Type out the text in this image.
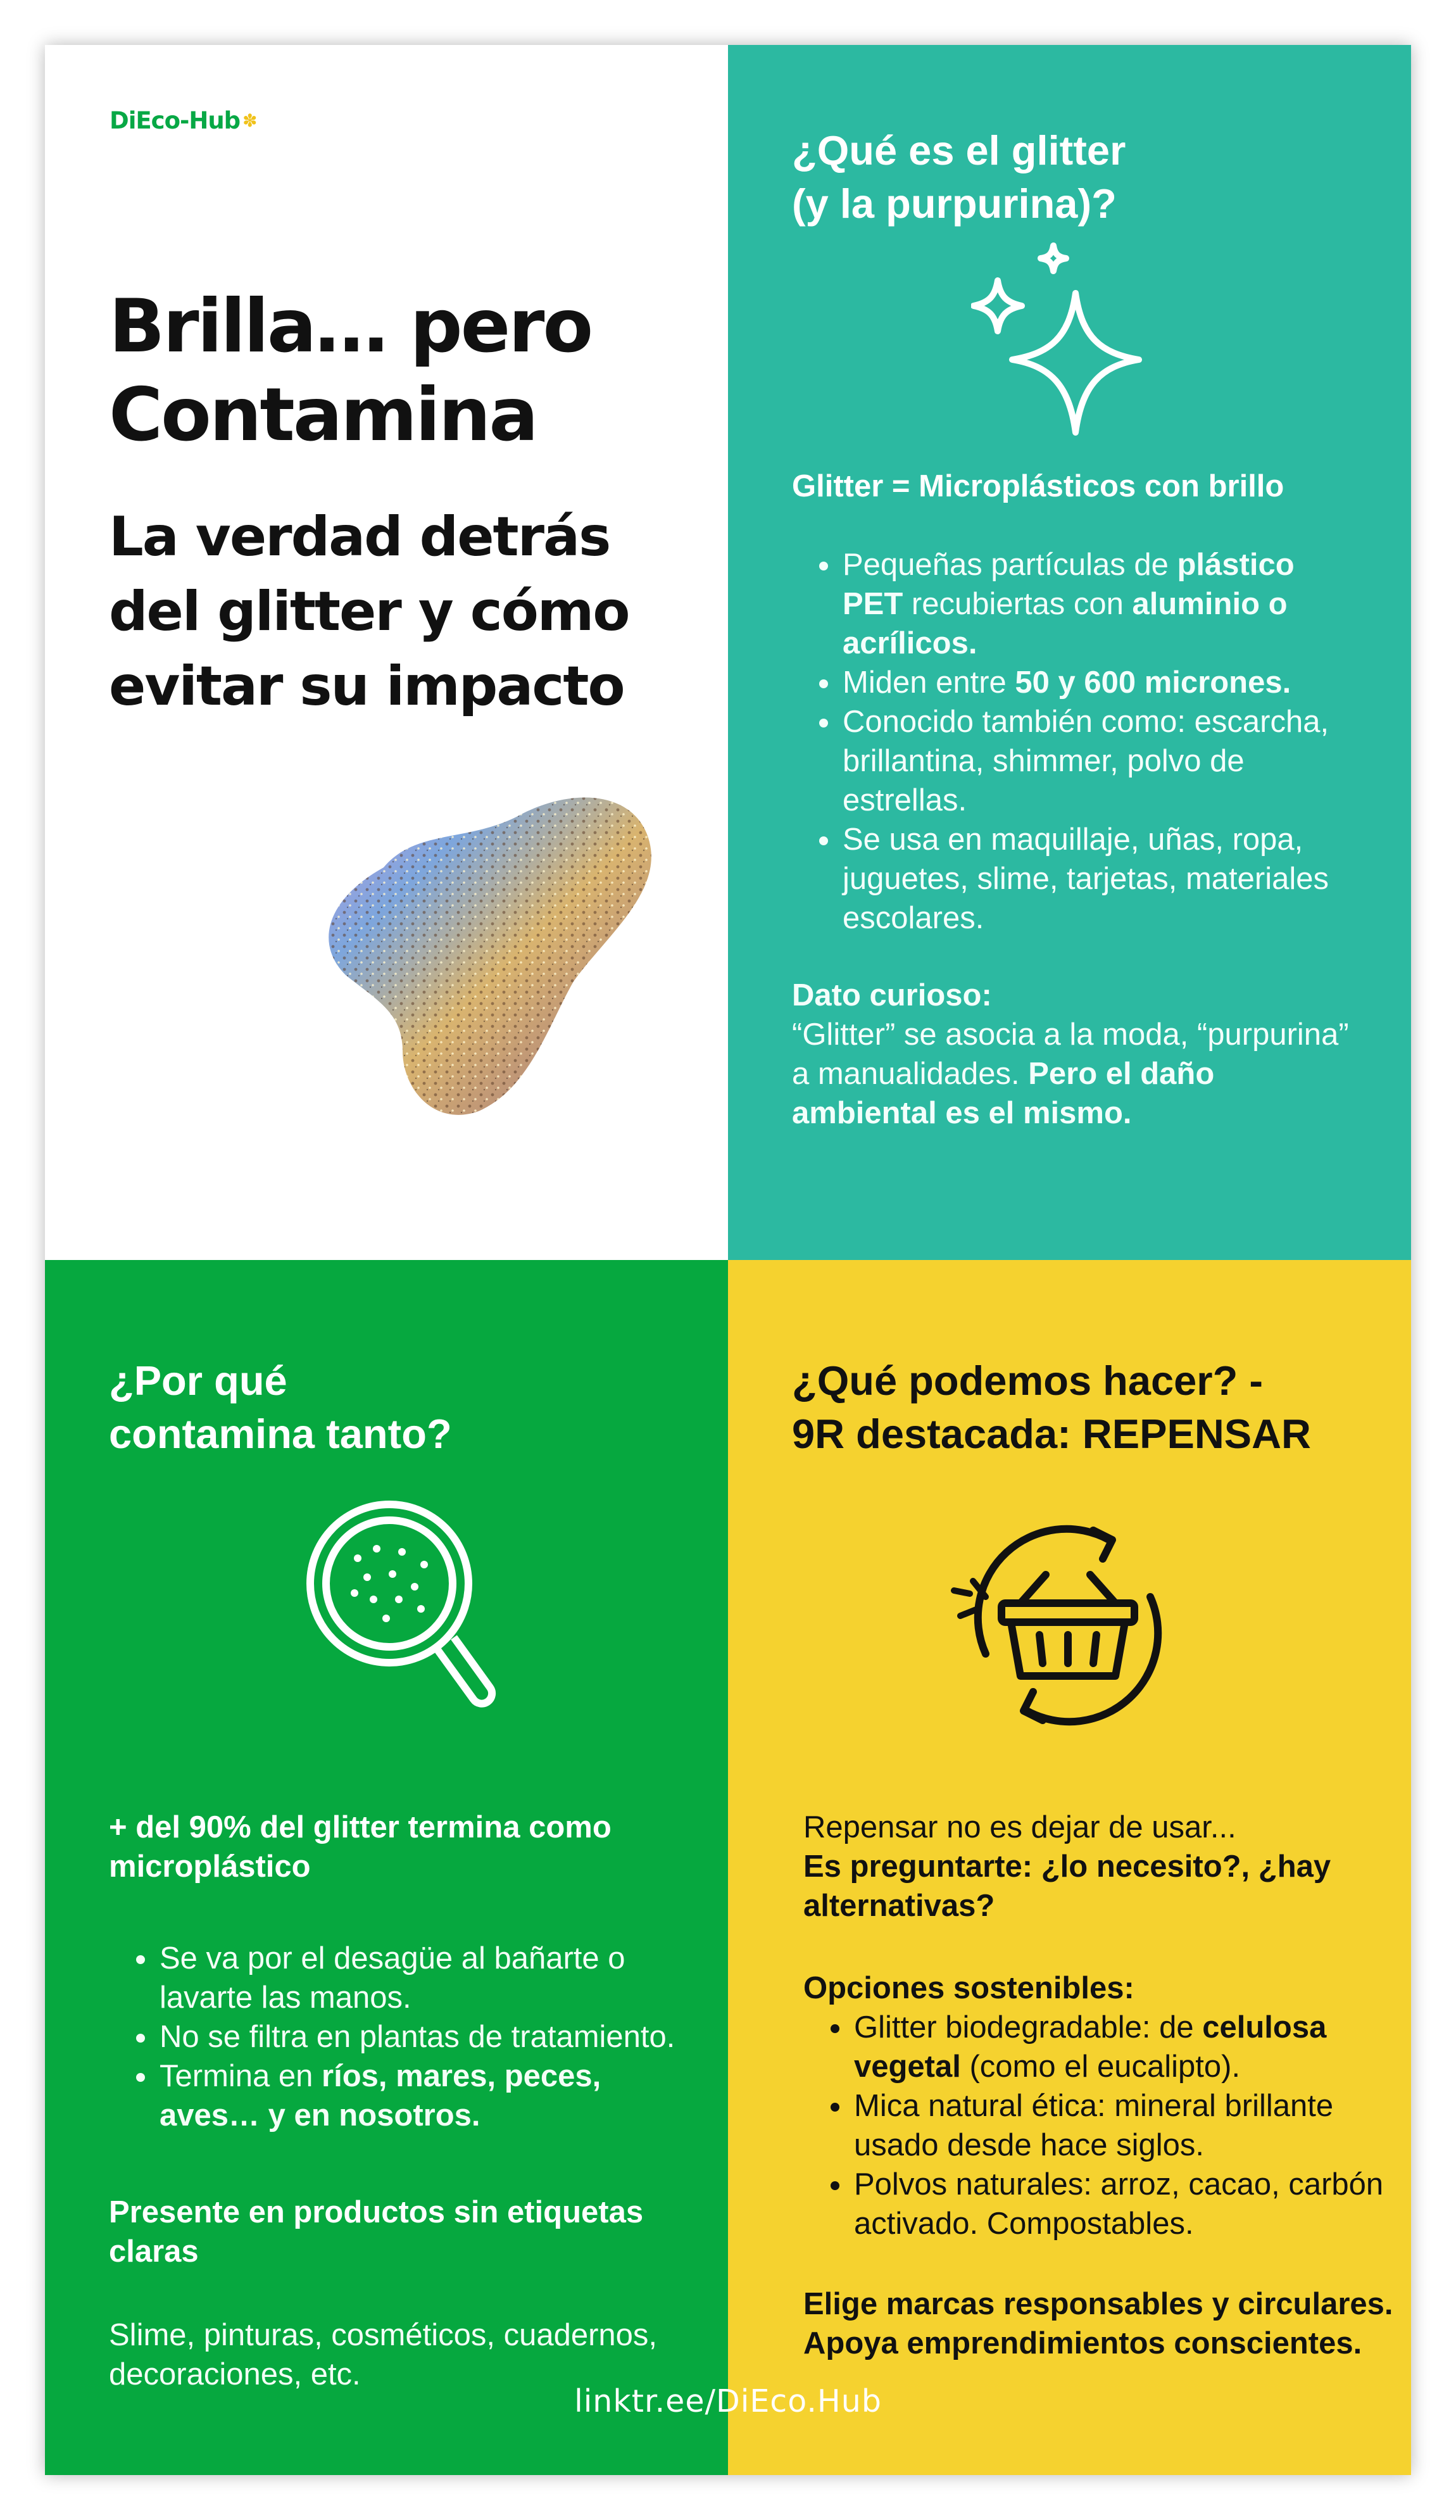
DiEco-Hub ✽
Brilla… pero Contamina
La verdad detrás del glitter y cómo evitar su impacto
¿Qué es el glitter
(y la purpurina)?
Glitter = Microplásticos con brillo
• Pequeñas partículas de plástico PET recubiertas con aluminio o acrílicos.
• Miden entre 50 y 600 micrones.
• Conocido también como: escarcha, brillantina, shimmer, polvo de estrellas.
• Se usa en maquillaje, uñas, ropa, juguetes, slime, tarjetas, materiales escolares.
Dato curioso:
“Glitter” se asocia a la moda, “purpurina” a manualidades. Pero el daño ambiental es el mismo.
¿Por qué
contamina tanto?
+ del 90% del glitter termina como microplástico
• Se va por el desagüe al bañarte o lavarte las manos.
• No se filtra en plantas de tratamiento.
• Termina en ríos, mares, peces, aves… y en nosotros.
Presente en productos sin etiquetas claras
Slime, pinturas, cosméticos, cuadernos, decoraciones, etc.
¿Qué podemos hacer? -
9R destacada: REPENSAR
Repensar no es dejar de usar...
Es preguntarte: ¿lo necesito?, ¿hay alternativas?
Opciones sostenibles:
• Glitter biodegradable: de celulosa vegetal (como el eucalipto).
• Mica natural ética: mineral brillante usado desde hace siglos.
• Polvos naturales: arroz, cacao, carbón activado. Compostables.
Elige marcas responsables y circulares.
Apoya emprendimientos conscientes.
linktr.ee/DiEco.Hub
